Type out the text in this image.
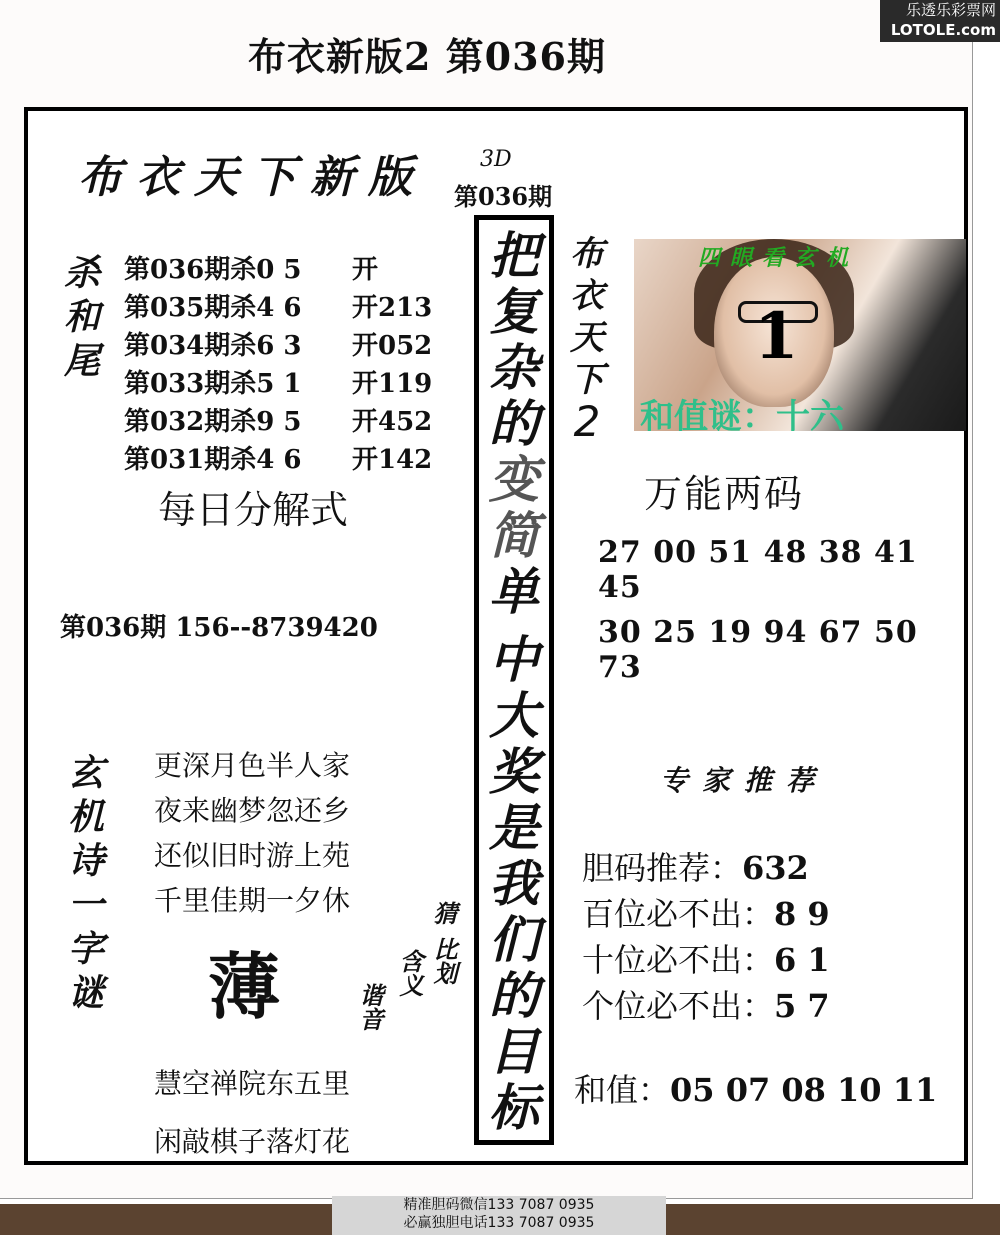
乐透乐彩票网
LOTOLE.com
布衣新版2 第036期
布衣天下新版 3D
第036期
杀
和
尾
第036期杀0 5 开
第035期杀4 6 开213
第034期杀6 3 开052
第033期杀5 1 开119
第032期杀9 5 开452
第031期杀4 6 开142
每日分解式
第036期 156--8739420
玄
机
诗
一
字
谜
更深月色半人家
夜来幽梦忽还乡
还似旧时游上苑
千里佳期一夕休
薄
猜
比划
含义
谐音
慧空禅院东五里
闲敲棋子落灯花
把
复
杂
的
变
简
单
中
大
奖
是
我
们
的
目
标
布
衣
天
下
2
四眼看玄机
1
和值谜：十六
万能两码
27 00 51 48 38 41 45
30 25 19 94 67 50 73
专家推荐
胆码推荐：632
百位必不出：8 9
十位必不出：6 1
个位必不出：5 7
和值：05 07 08 10 11
精准胆码微信133 7087 0935
必赢独胆电话133 7087 0935
